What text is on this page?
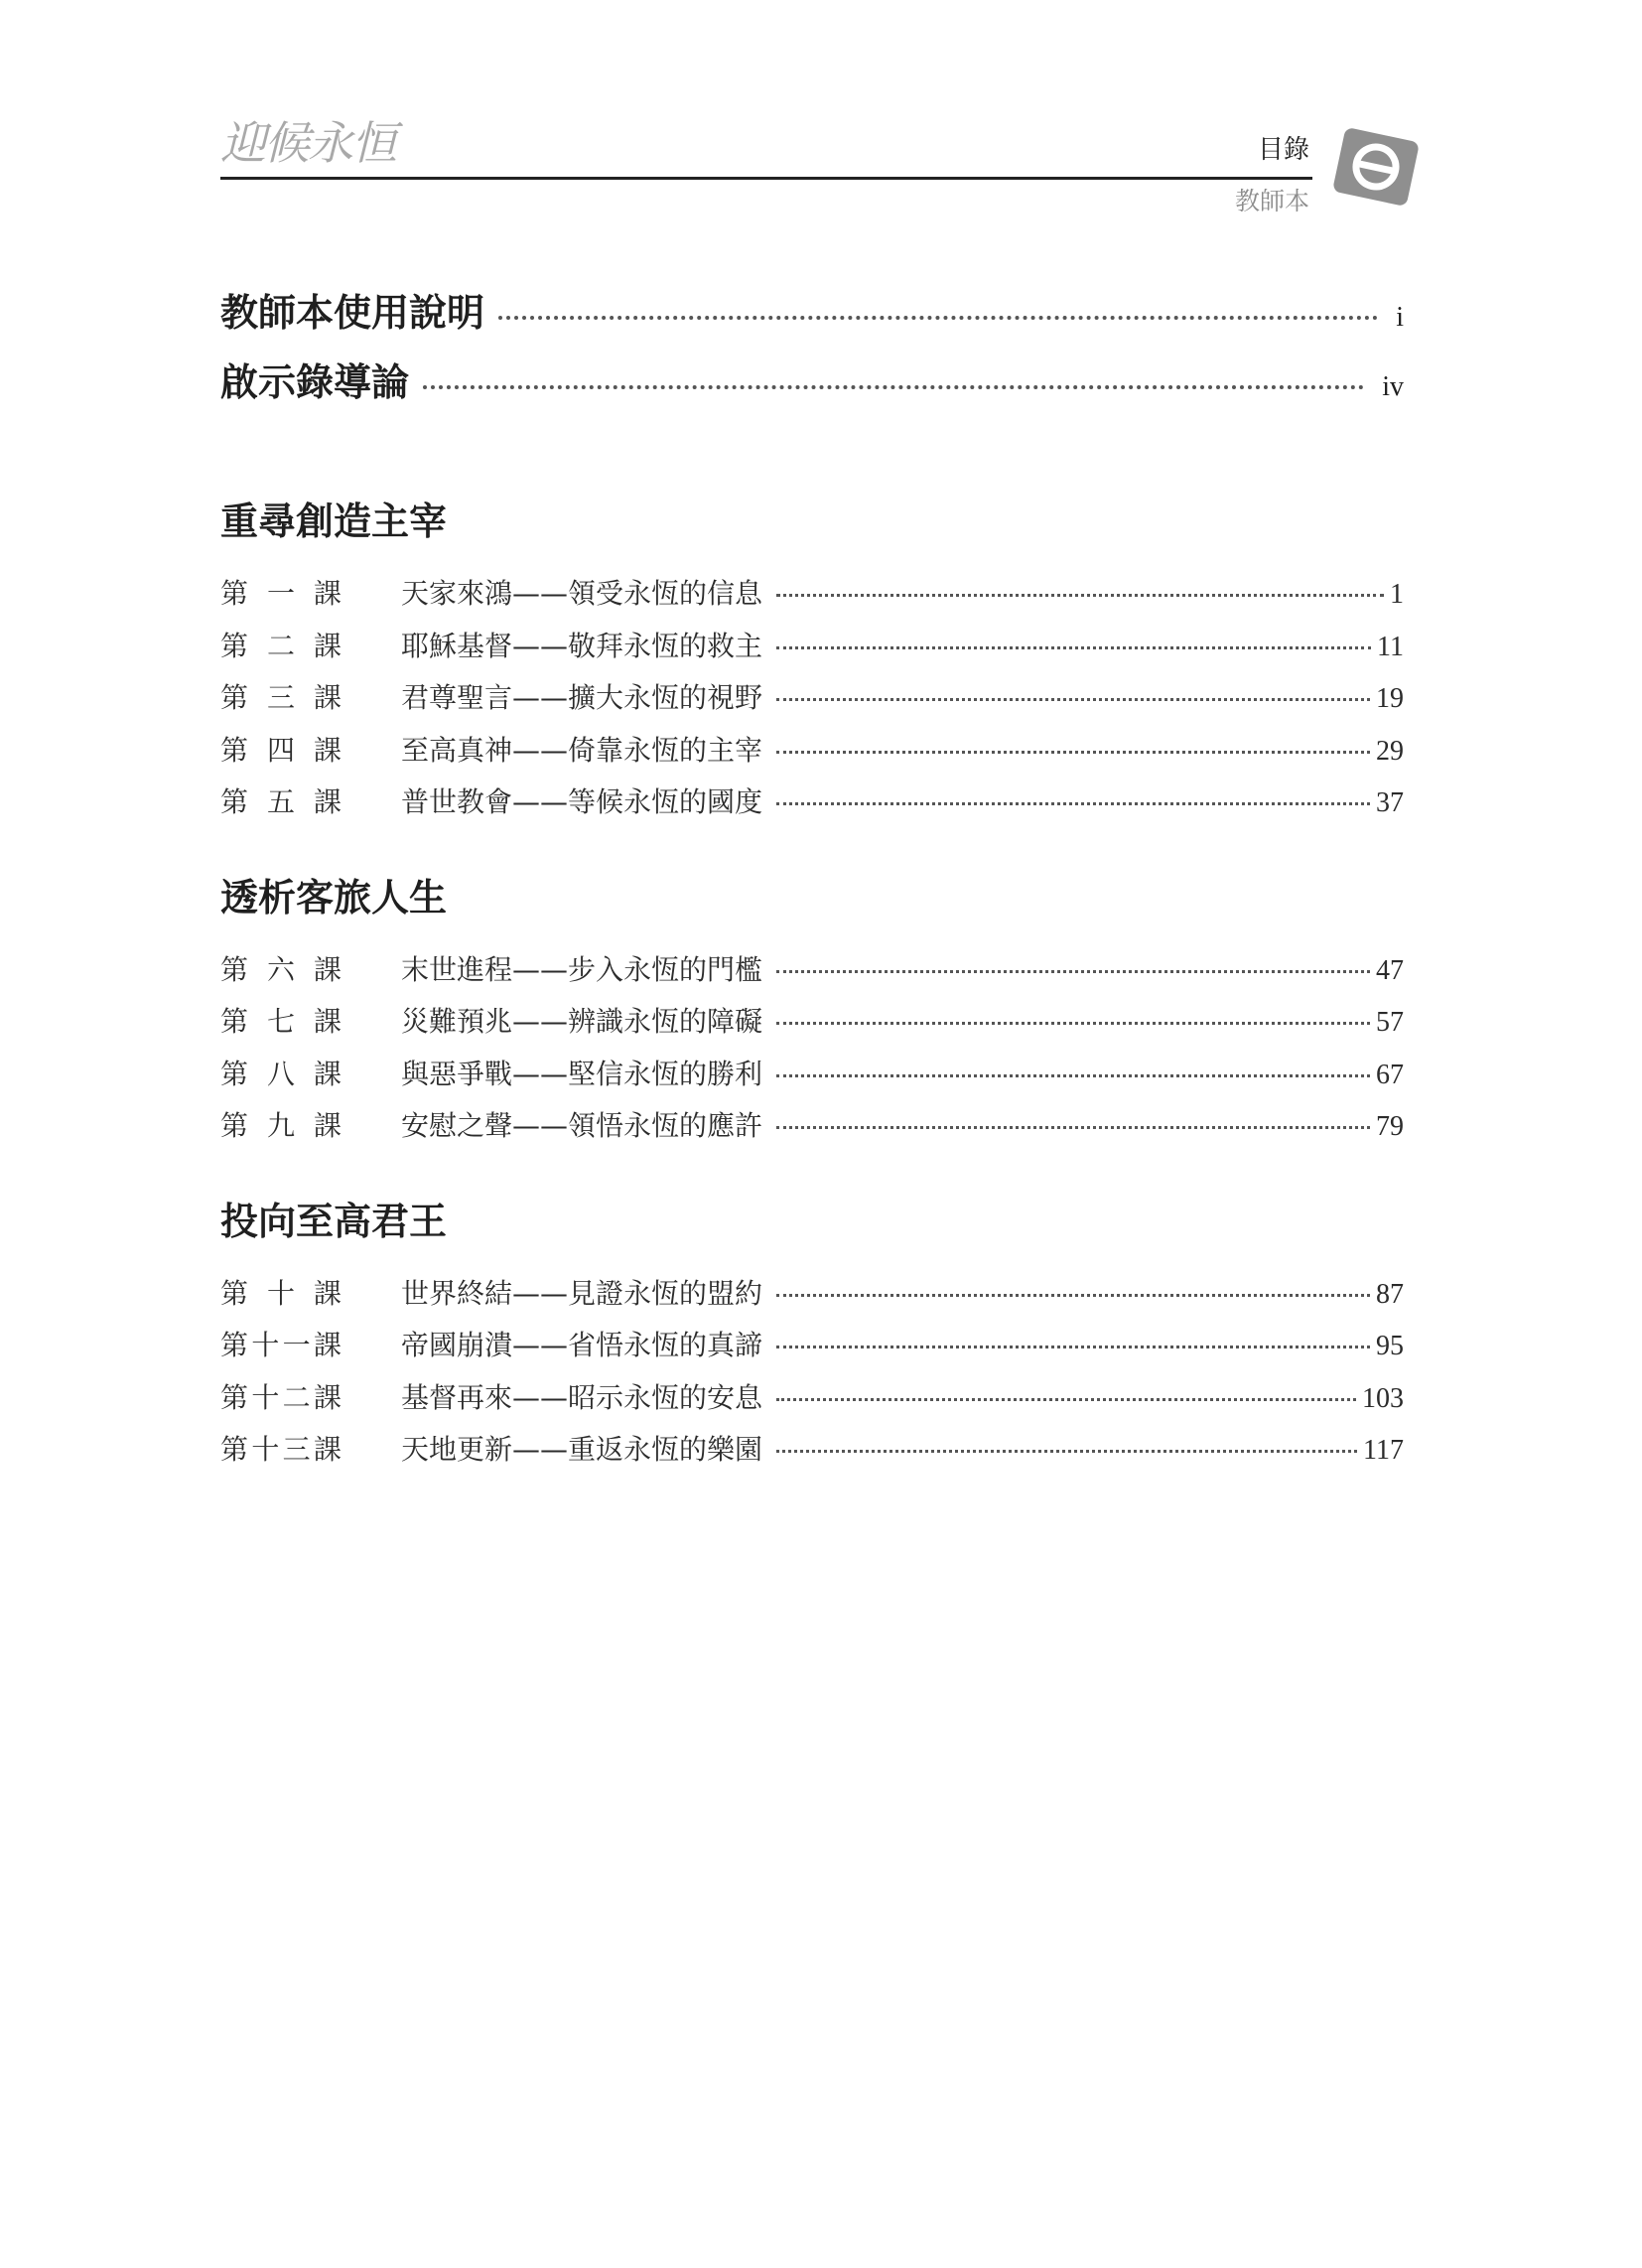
迎候永恒	目錄
教師本
教師本使用說明	i
啟示錄導論	iv
重尋創造主宰
第一課	天家來鴻——領受永恆的信息	1
第二課	耶穌基督——敬拜永恆的救主	11
第三課	君尊聖言——擴大永恆的視野	19
第四課	至高真神——倚靠永恆的主宰	29
第五課	普世教會——等候永恆的國度	37
透析客旅人生
第六課	末世進程——步入永恆的門檻	47
第七課	災難預兆——辨識永恆的障礙	57
第八課	與惡爭戰——堅信永恆的勝利	67
第九課	安慰之聲——領悟永恆的應許	79
投向至高君王
第十課	世界終結——見證永恆的盟約	87
第十一課	帝國崩潰——省悟永恆的真諦	95
第十二課	基督再來——昭示永恆的安息	103
第十三課	天地更新——重返永恆的樂園	117
